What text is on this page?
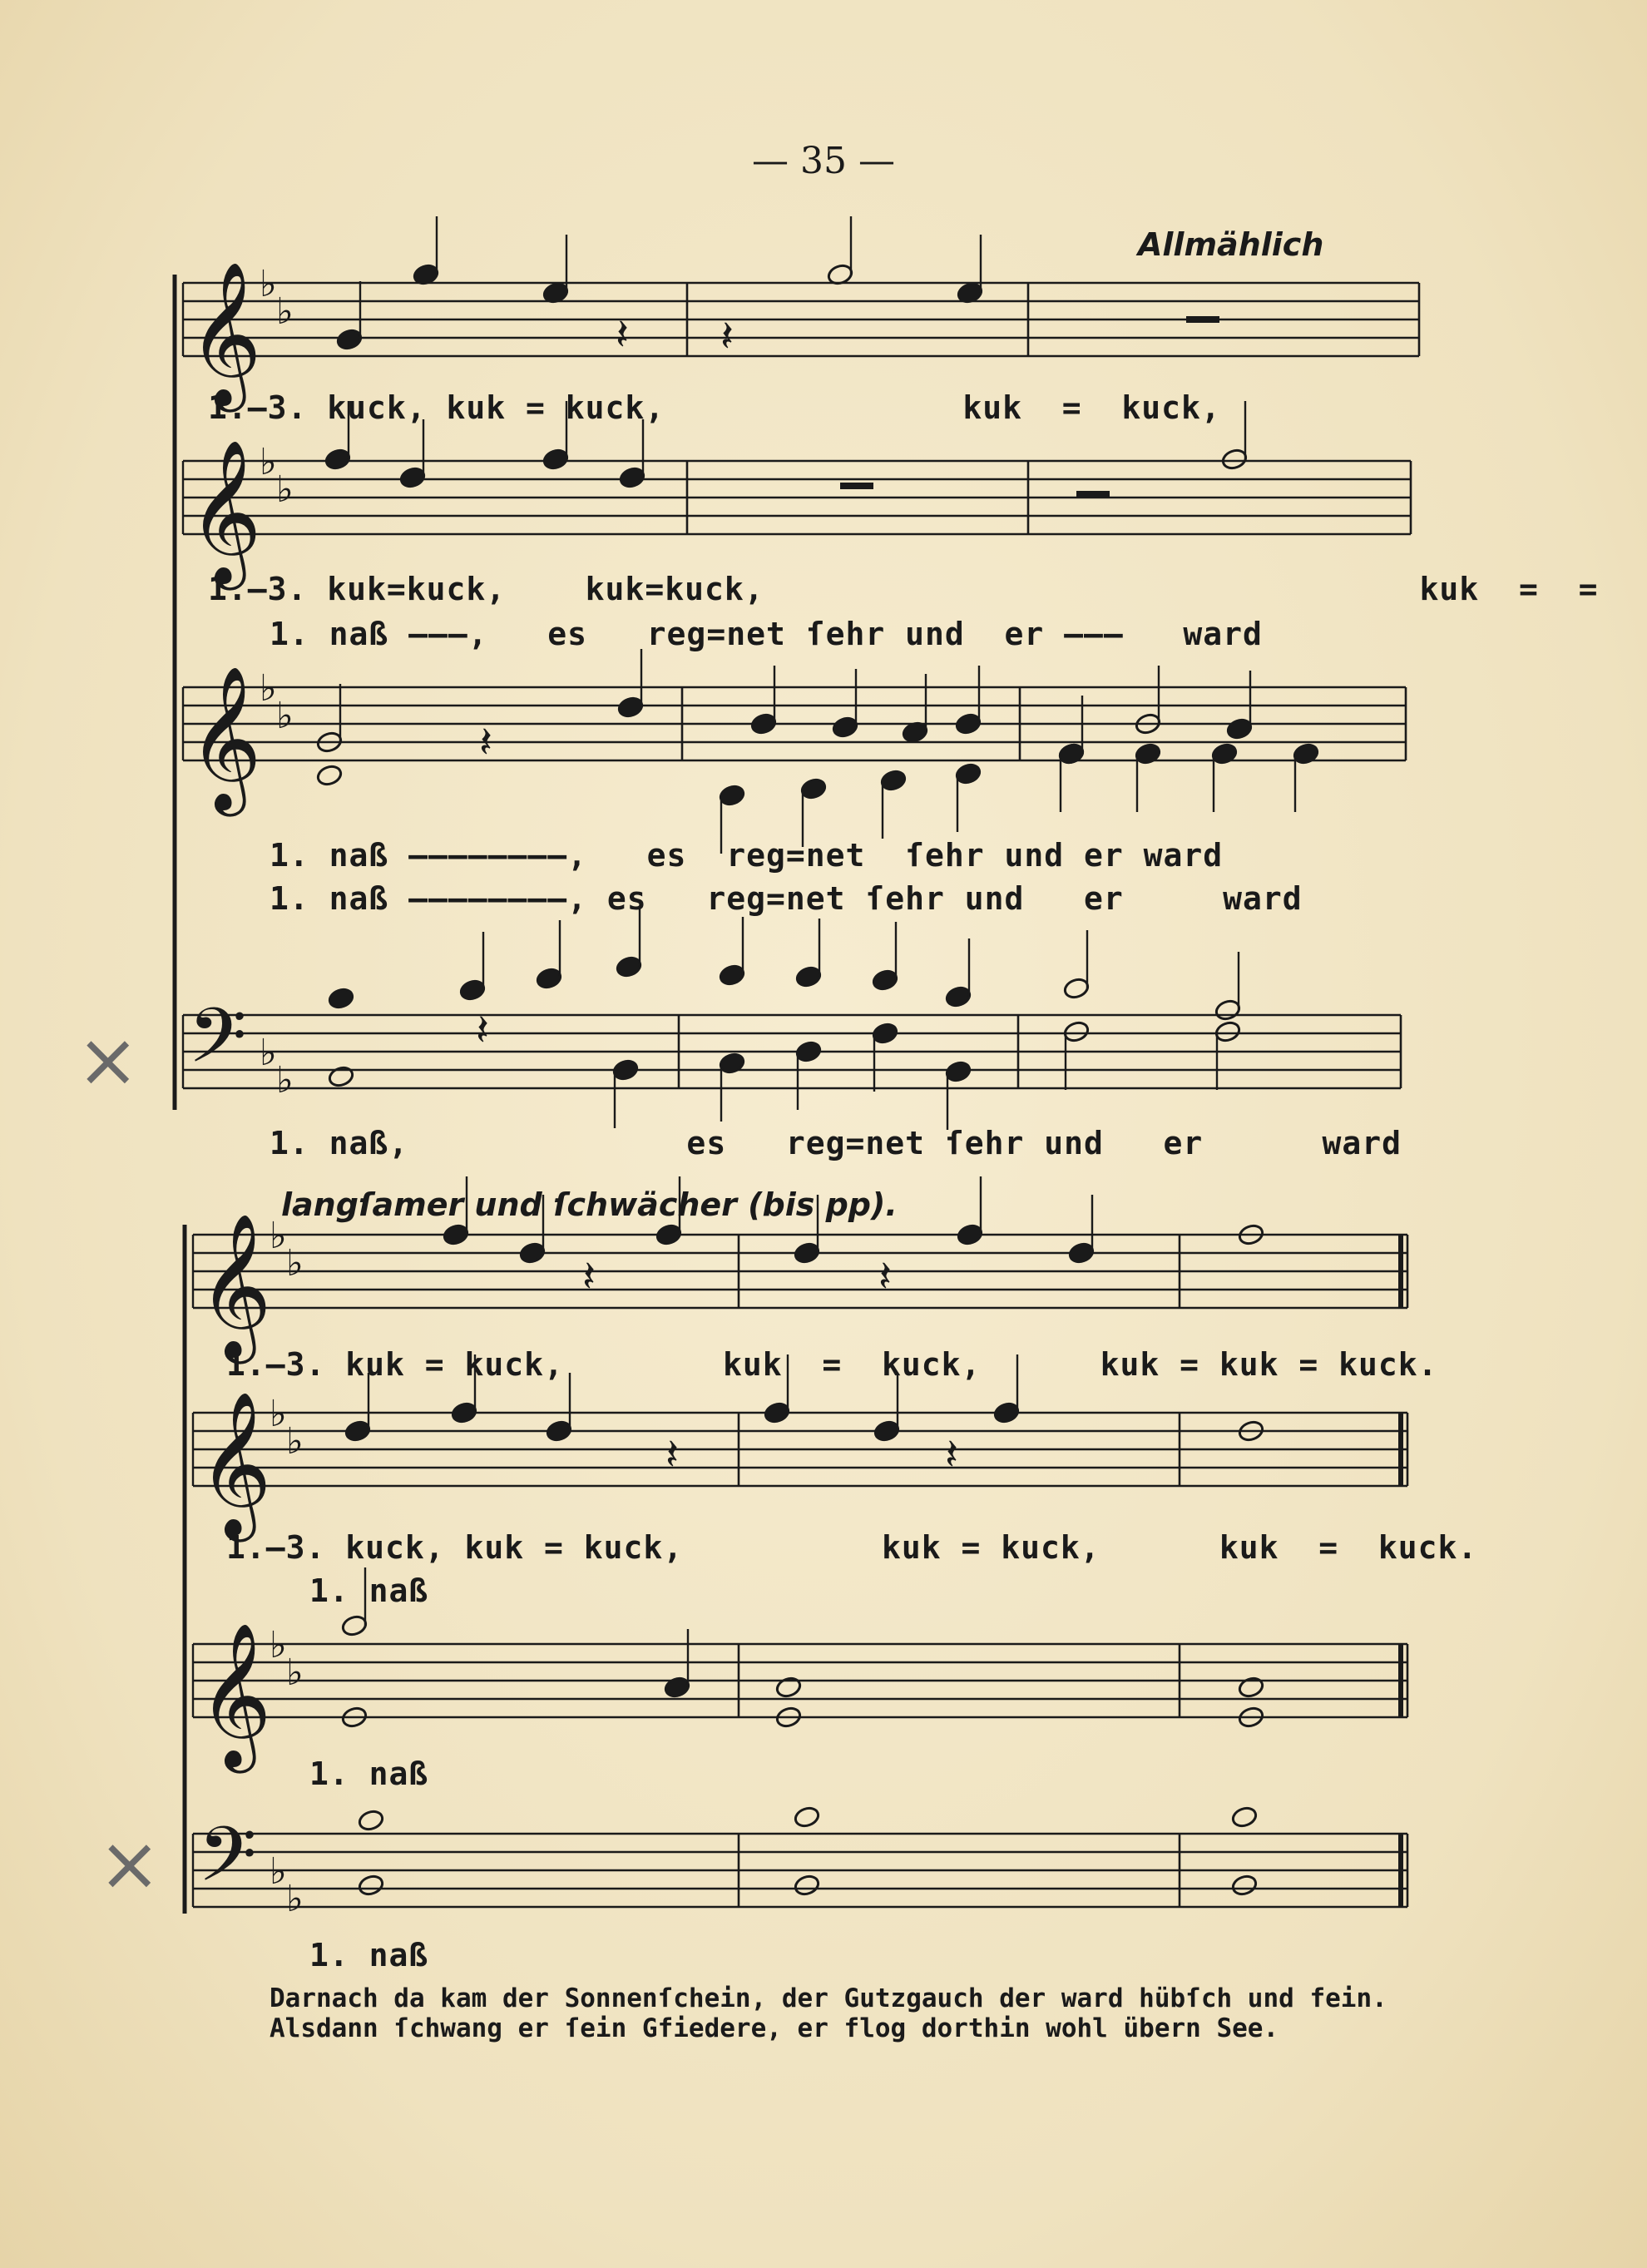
— 35 —
Allmählich
𝄞
♭
♭
𝄞
♭
♭
𝄞
♭
♭
𝄢 ♭
♭
𝄞
♭
♭
𝄞
♭
♭
𝄞
♭
♭
𝄢 ♭
♭
𝄽 𝄽
𝄽
𝄽
𝄽	𝄽
𝄽	𝄽
1.—3. kuck, kuk = kuck,               kuk  =  kuck,
1.—3. kuk=kuck,    kuk=kuck,                                 kuk  =  =
1. naß ———,   es   reg=net ſehr und  er ———   ward
1. naß ————————,   es  reg=net  ſehr und er ward
1. naß ————————, es   reg=net ſehr und   er     ward
1. naß,              es   reg=net ſehr und   er      ward
langſamer und ſchwächer (bis pp).
1.—3. kuk = kuck,        kuk  =  kuck,      kuk = kuk = kuck.
1.—3. kuck, kuk = kuck,          kuk = kuck,      kuk  =  kuck.
1. naß
1. naß
1. naß
Darnach da kam der Sonnenſchein, der Gutzgauch der ward hübſch und fein.
Alsdann ſchwang er ſein Gfiedere, er flog dorthin wohl übern See.
×
×
